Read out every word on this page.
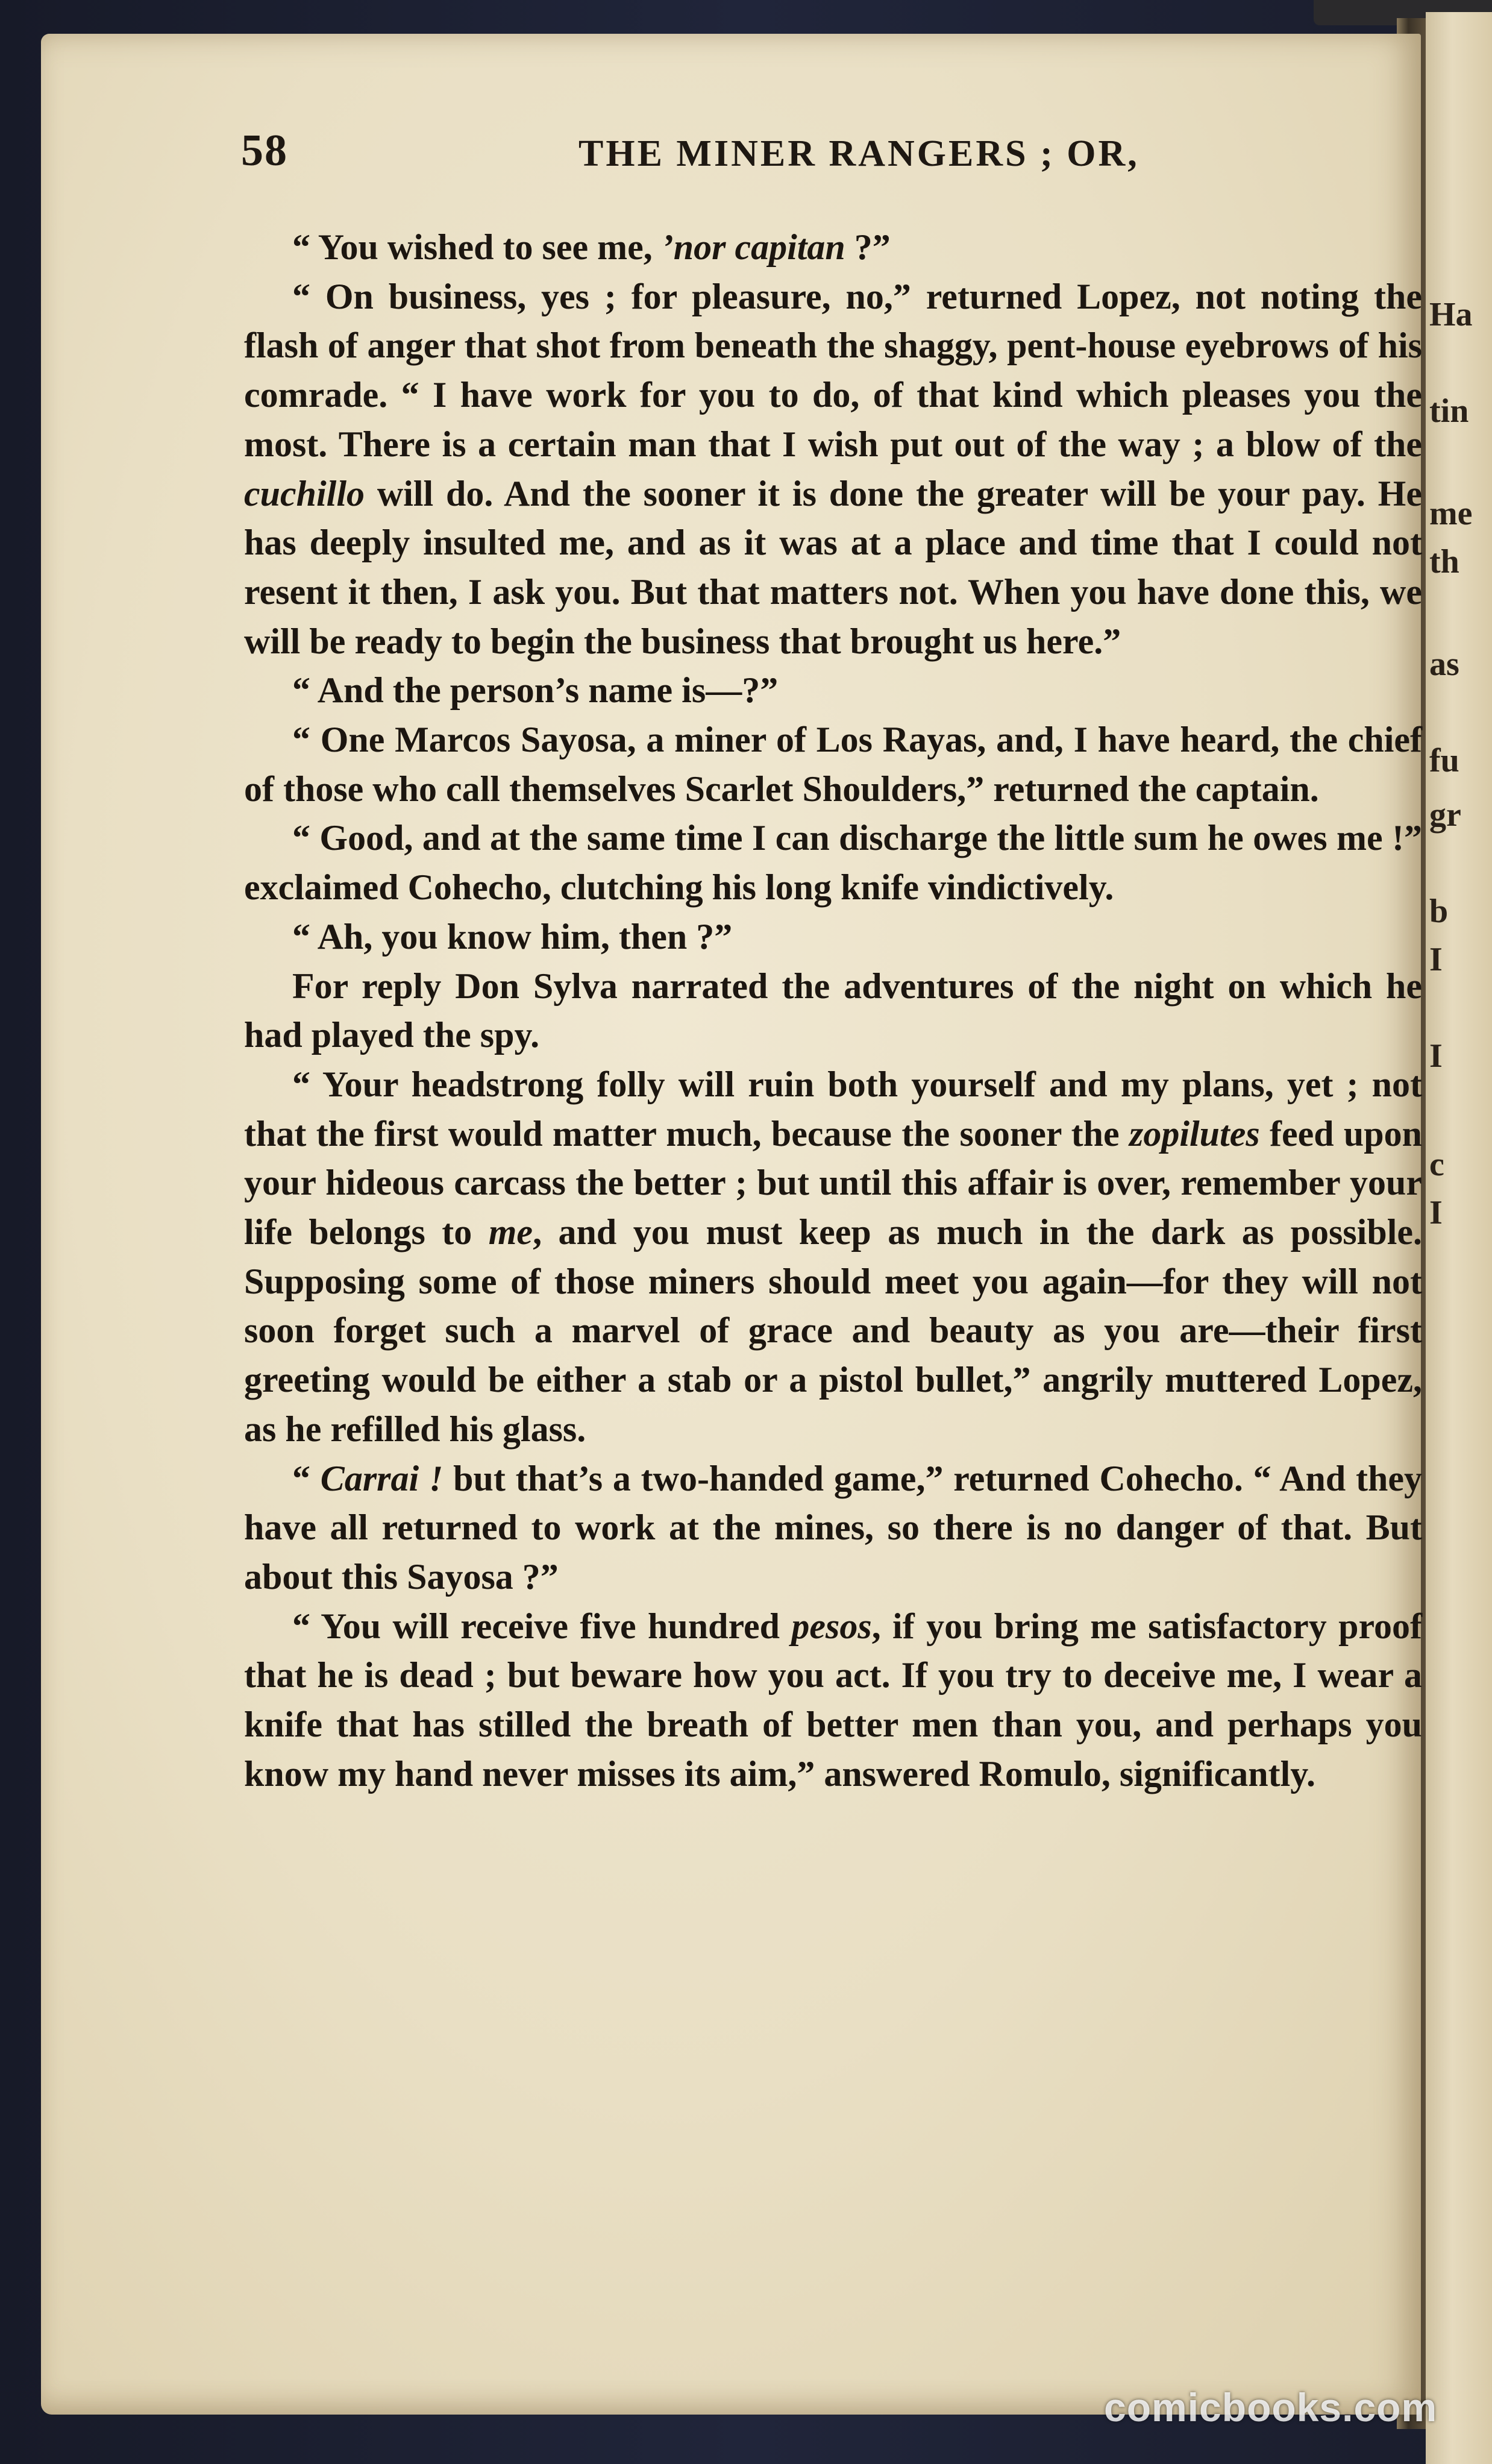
Ha
tin
me
th
as
fu
gr
b
I
I
c
I
58	THE MINER RANGERS ; OR,

“ You wished to see me, ’nor capitan ?”

“ On business, yes ; for pleasure, no,” returned Lopez, not noting the flash of anger that shot from beneath the shaggy, pent-house eyebrows of his comrade. “ I have work for you to do, of that kind which pleases you the most. There is a certain man that I wish put out of the way ; a blow of the cuchillo will do. And the sooner it is done the greater will be your pay. He has deeply insulted me, and as it was at a place and time that I could not resent it then, I ask you. But that matters not. When you have done this, we will be ready to begin the business that brought us here.”

“ And the person’s name is—?”

“ One Marcos Sayosa, a miner of Los Rayas, and, I have heard, the chief of those who call themselves Scarlet Shoulders,” returned the captain.

“ Good, and at the same time I can discharge the little sum he owes me !” exclaimed Cohecho, clutching his long knife vindictively.

“ Ah, you know him, then ?”

For reply Don Sylva narrated the adventures of the night on which he had played the spy.

“ Your headstrong folly will ruin both yourself and my plans, yet ; not that the first would matter much, because the sooner the zopilutes feed upon your hideous carcass the better ; but until this affair is over, remember your life belongs to me, and you must keep as much in the dark as possible. Supposing some of those miners should meet you again—for they will not soon forget such a marvel of grace and beauty as you are—their first greeting would be either a stab or a pistol bullet,” angrily muttered Lopez, as he refilled his glass.

“ Carrai ! but that’s a two-handed game,” returned Cohecho. “ And they have all returned to work at the mines, so there is no danger of that. But about this Sayosa ?”

“ You will receive five hundred pesos, if you bring me satisfactory proof that he is dead ; but beware how you act. If you try to deceive me, I wear a knife that has stilled the breath of better men than you, and perhaps you know my hand never misses its aim,” answered Romulo, significantly.

comicbooks.com
